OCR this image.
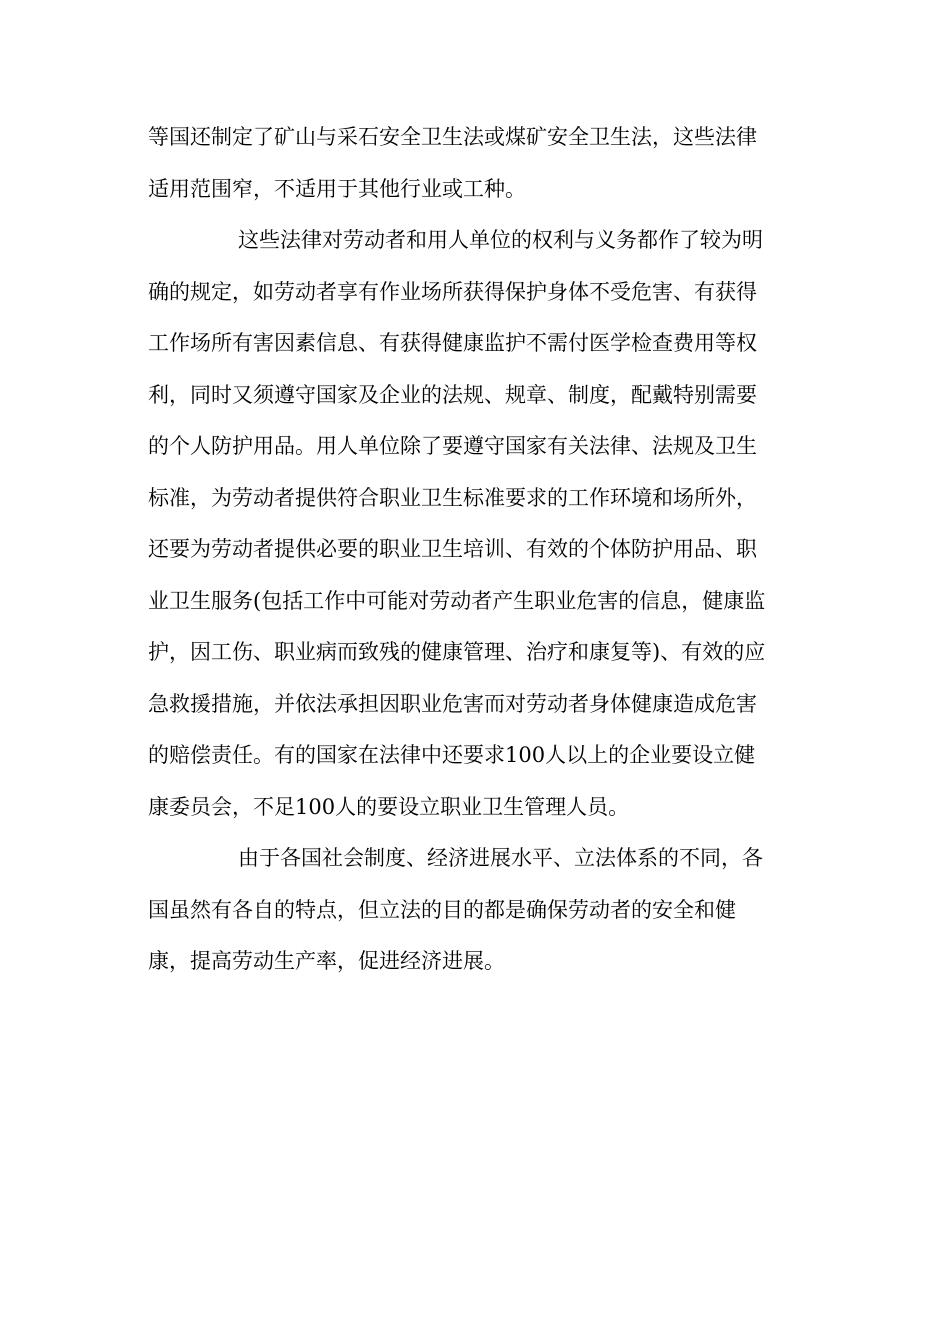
等国还制定了矿山与采石安全卫生法或煤矿安全卫生法，这些法律
适用范围窄，不适用于其他行业或工种。
这些法律对劳动者和用人单位的权利与义务都作了较为明
确的规定，如劳动者享有作业场所获得保护身体不受危害、有获得
工作场所有害因素信息、有获得健康监护不需付医学检查费用等权
利，同时又须遵守国家及企业的法规、规章、制度，配戴特别需要
的个人防护用品。用人单位除了要遵守国家有关法律、法规及卫生
标准，为劳动者提供符合职业卫生标准要求的工作环境和场所外，
还要为劳动者提供必要的职业卫生培训、有效的个体防护用品、职
业卫生服务(包括工作中可能对劳动者产生职业危害的信息，健康监
护，因工伤、职业病而致残的健康管理、治疗和康复等)、有效的应
急救援措施，并依法承担因职业危害而对劳动者身体健康造成危害
的赔偿责任。有的国家在法律中还要求100人以上的企业要设立健
康委员会，不足100人的要设立职业卫生管理人员。
由于各国社会制度、经济进展水平、立法体系的不同，各
国虽然有各自的特点，但立法的目的都是确保劳动者的安全和健
康，提高劳动生产率，促进经济进展。
